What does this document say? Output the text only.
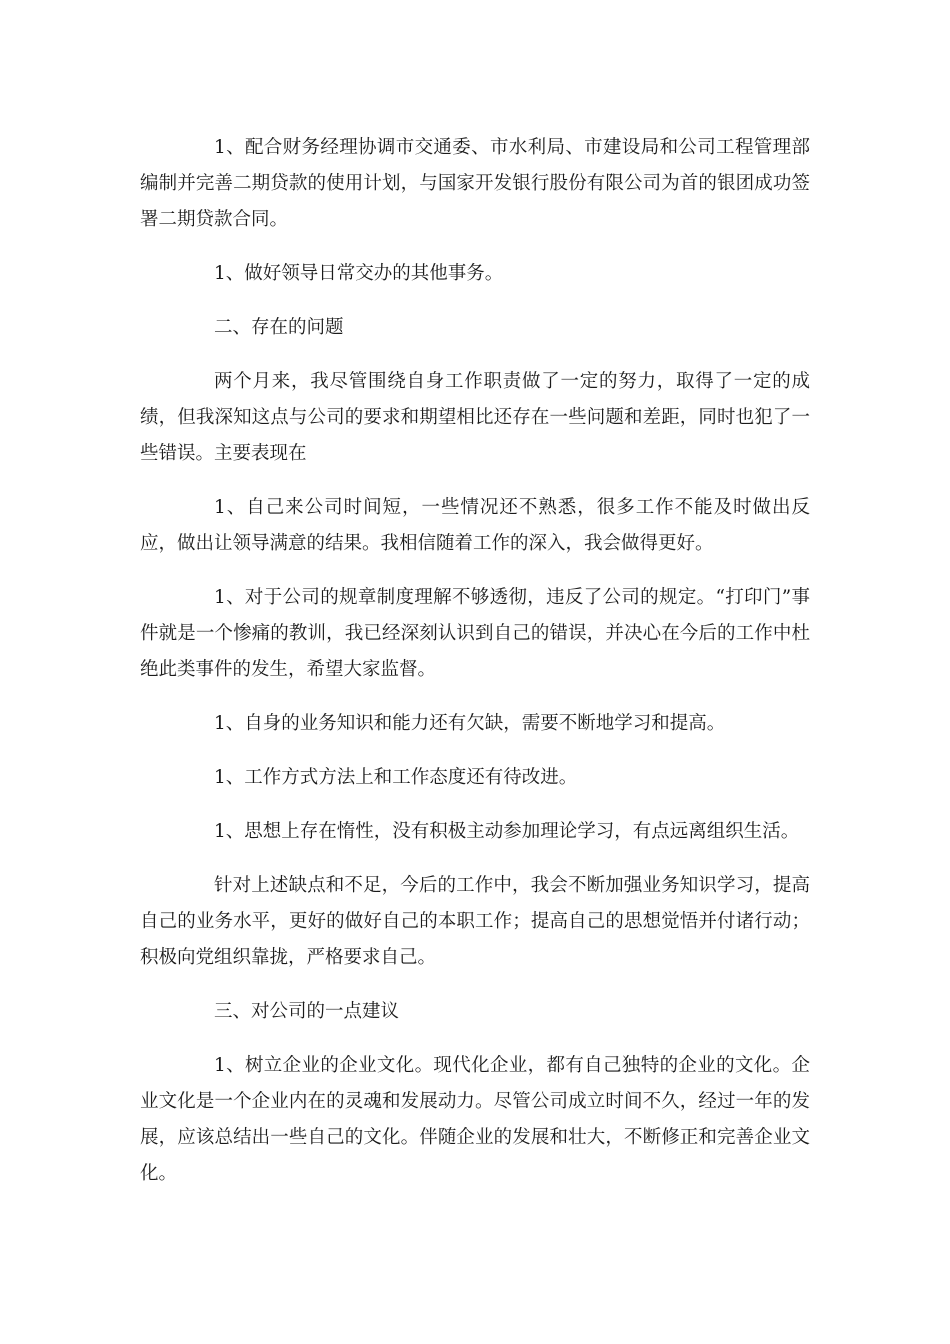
1、配合财务经理协调市交通委、市水利局、市建设局和公司工程管理部编制并完善二期贷款的使用计划，与国家开发银行股份有限公司为首的银团成功签署二期贷款合同。

1、做好领导日常交办的其他事务。

二、存在的问题

两个月来，我尽管围绕自身工作职责做了一定的努力，取得了一定的成绩，但我深知这点与公司的要求和期望相比还存在一些问题和差距，同时也犯了一些错误。主要表现在

1、自己来公司时间短，一些情况还不熟悉，很多工作不能及时做出反应，做出让领导满意的结果。我相信随着工作的深入，我会做得更好。

1、对于公司的规章制度理解不够透彻，违反了公司的规定。“打印门”事件就是一个惨痛的教训，我已经深刻认识到自己的错误，并决心在今后的工作中杜绝此类事件的发生，希望大家监督。

1、自身的业务知识和能力还有欠缺，需要不断地学习和提高。

1、工作方式方法上和工作态度还有待改进。

1、思想上存在惰性，没有积极主动参加理论学习，有点远离组织生活。

针对上述缺点和不足，今后的工作中，我会不断加强业务知识学习，提高自己的业务水平，更好的做好自己的本职工作；提高自己的思想觉悟并付诸行动；积极向党组织靠拢，严格要求自己。

三、对公司的一点建议

1、树立企业的企业文化。现代化企业，都有自己独特的企业的文化。企业文化是一个企业内在的灵魂和发展动力。尽管公司成立时间不久，经过一年的发展，应该总结出一些自己的文化。伴随企业的发展和壮大，不断修正和完善企业文化。
